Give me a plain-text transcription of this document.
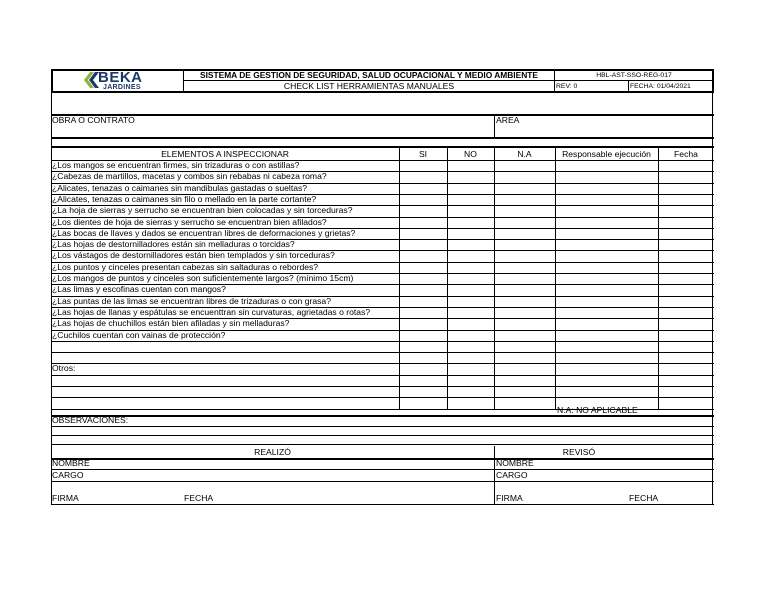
BEKA
JARDINES
SISTEMA DE GESTION DE SEGURIDAD, SALUD OCUPACIONAL Y MEDIO AMBIENTE
CHECK LIST HERRAMIENTAS MANUALES
HBL-AST-SSO-REG-017
REV: 0	FECHA: 01/04/2021
OBRA O CONTRATO	AREA
ELEMENTOS A INSPECCIONAR	SI	NO	N.A	Responsable ejecución	Fecha
¿Los mangos se encuentran firmes, sin trizaduras o con astillas?
¿Cabezas de martillos, macetas y combos sin rebabas ni cabeza roma?
¿Alicates, tenazas o caimanes sin mandibulas gastadas o sueltas?
¿Alicates, tenazas o caimanes sin filo o mellado en la parte cortante?
¿La hoja de sierras y serrucho se encuentran bien colocadas y sin torceduras?
¿Los dientes de hoja de sierras y serrucho se encuentran bien afilados?
¿Las bocas de llaves y dados se encuentran libres de deformaciones y grietas?
¿Las hojas de destornilladores están sin melladuras o torcidas?
¿Los vástagos de destornilladores están bien templados y sin torceduras?
¿Los puntos y cinceles presentan cabezas sin saltaduras o rebordes?
¿Los mangos de puntos y cinceles son suficientemente largos? (mínimo 15cm)
¿Las limas y escofinas cuentan con mangos?
¿Las puntas de las limas se encuentran libres de trizaduras o con grasa?
¿Las hojas de llanas y espátulas se encuenttran sin curvaturas, agrietadas o rotas?
¿Las hojas de chuchillos están bien afiladas y sin melladuras?
¿Cuchilos cuentan con vainas de protección?
Otros:
N.A: NO APLICABLE
OBSERVACIONES:
REALIZÓ	REVISÓ
NOMBRE	NOMBRE
CARGO	CARGO
FIRMA	FECHA	FIRMA	FECHA
